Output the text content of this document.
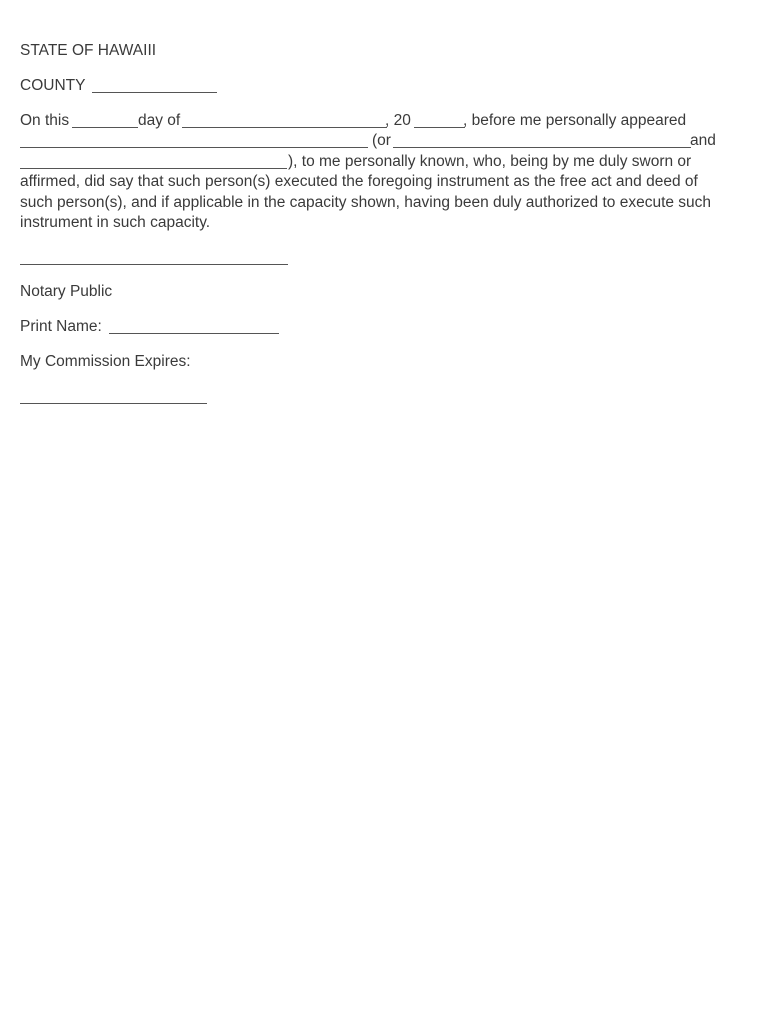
STATE OF HAWAIII
COUNTY
On this	day of	, 20	, before me personally appeared
(or	and
), to me personally known, who, being by me duly sworn or
affirmed, did say that such person(s) executed the foregoing instrument as the free act and deed of
such person(s), and if applicable in the capacity shown, having been duly authorized to execute such
instrument in such capacity.
Notary Public
Print Name:
My Commission Expires:
